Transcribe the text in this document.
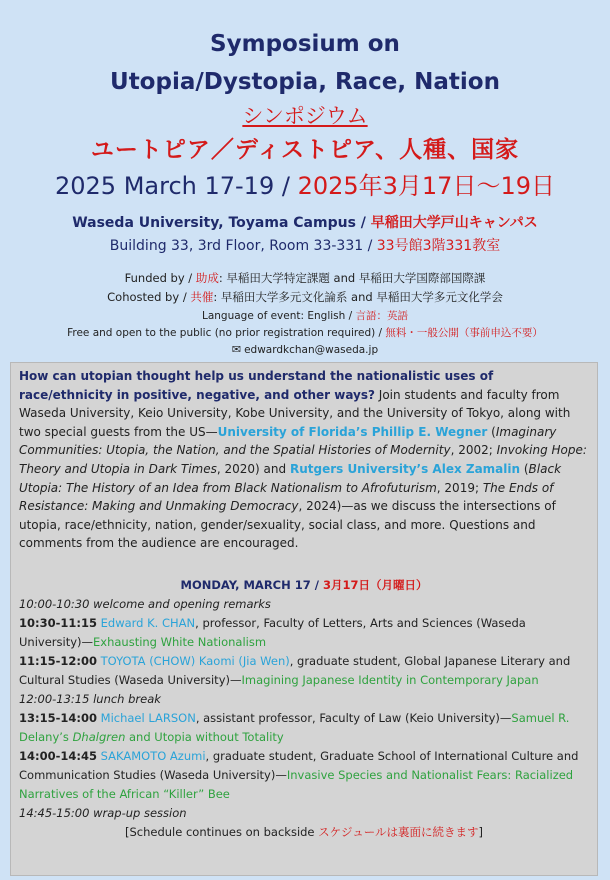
Symposium on
Utopia/Dystopia, Race, Nation
シンポジウム
ユートピア／ディストピア、人種、国家
2025 March 17-19 / 2025年3月17日～19日
Waseda University, Toyama Campus / 早稲田大学戸山キャンパス
Building 33, 3rd Floor, Room 33-331 / 33号館3階331教室
Funded by / 助成: 早稲田大学特定課題 and 早稲田大学国際部国際課
Cohosted by / 共催: 早稲田大学多元文化論系 and 早稲田大学多元文化学会
Language of event: English / 言語：英語
Free and open to the public (no prior registration required) / 無料・一般公開（事前申込不要）
✉ edwardkchan@waseda.jp
How can utopian thought help us understand the nationalistic uses of race/ethnicity in positive, negative, and other ways? Join students and faculty from Waseda University, Keio University, Kobe University, and the University of Tokyo, along with two special guests from the US—University of Florida’s Phillip E. Wegner (Imaginary Communities: Utopia, the Nation, and the Spatial Histories of Modernity, 2002; Invoking Hope: Theory and Utopia in Dark Times, 2020) and Rutgers University’s Alex Zamalin (Black Utopia: The History of an Idea from Black Nationalism to Afrofuturism, 2019; The Ends of Resistance: Making and Unmaking Democracy, 2024)—as we discuss the intersections of utopia, race/ethnicity, nation, gender/sexuality, social class, and more. Questions and comments from the audience are encouraged.
MONDAY, MARCH 17 / 3月17日（月曜日）
10:00-10:30 welcome and opening remarks
10:30-11:15 Edward K. CHAN, professor, Faculty of Letters, Arts and Sciences (Waseda University)—Exhausting White Nationalism
11:15-12:00 TOYOTA (CHOW) Kaomi (Jia Wen), graduate student, Global Japanese Literary and Cultural Studies (Waseda University)—Imagining Japanese Identity in Contemporary Japan
12:00-13:15 lunch break
13:15-14:00 Michael LARSON, assistant professor, Faculty of Law (Keio University)—Samuel R. Delany’s Dhalgren and Utopia without Totality
14:00-14:45 SAKAMOTO Azumi, graduate student, Graduate School of International Culture and Communication Studies (Waseda University)—Invasive Species and Nationalist Fears: Racialized Narratives of the African “Killer” Bee
14:45-15:00 wrap-up session
[Schedule continues on backside スケジュールは裏面に続きます]
